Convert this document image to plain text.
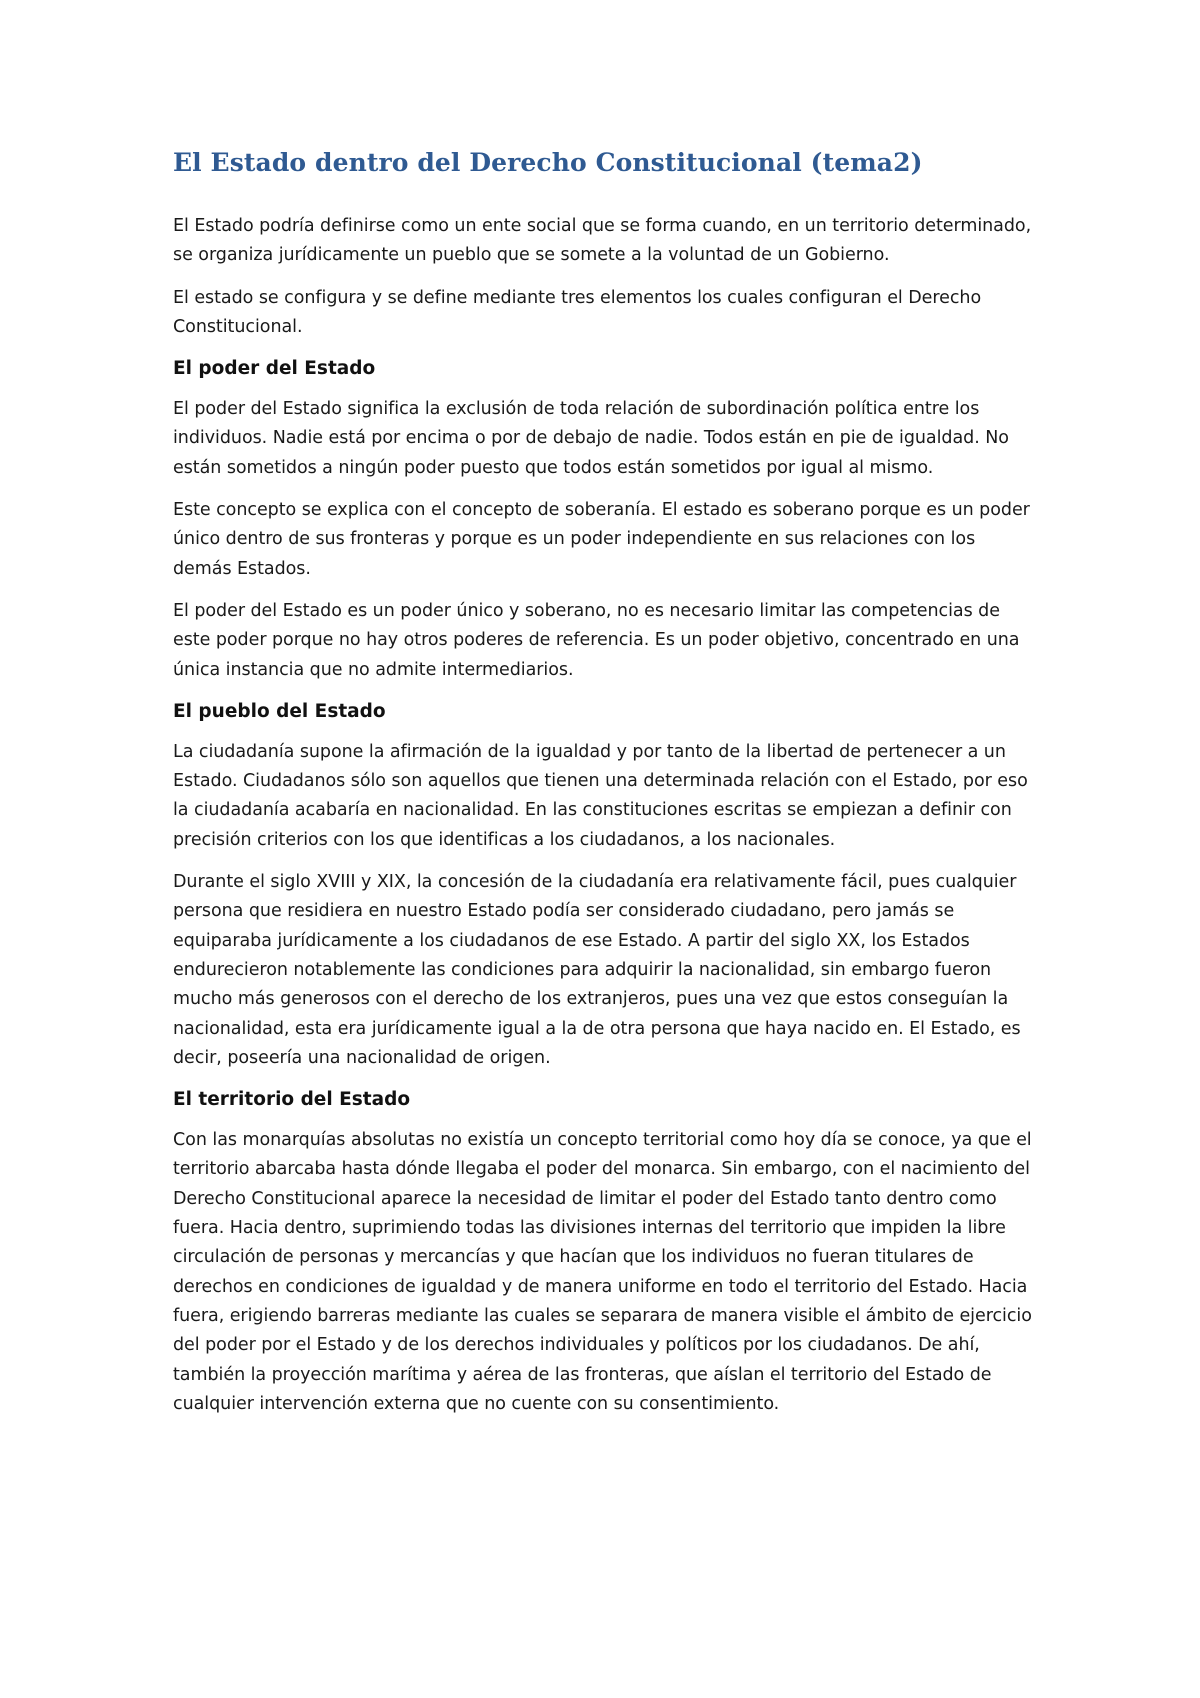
El Estado dentro del Derecho Constitucional (tema2)

El Estado podría definirse como un ente social que se forma cuando, en un territorio determinado, se organiza jurídicamente un pueblo que se somete a la voluntad de un Gobierno.

El estado se configura y se define mediante tres elementos los cuales configuran el Derecho Constitucional.

El poder del Estado

El poder del Estado significa la exclusión de toda relación de subordinación política entre los individuos. Nadie está por encima o por de debajo de nadie. Todos están en pie de igualdad. No están sometidos a ningún poder puesto que todos están sometidos por igual al mismo.

Este concepto se explica con el concepto de soberanía. El estado es soberano porque es un poder único dentro de sus fronteras y porque es un poder independiente en sus relaciones con los demás Estados.

El poder del Estado es un poder único y soberano, no es necesario limitar las competencias de este poder porque no hay otros poderes de referencia. Es un poder objetivo, concentrado en una única instancia que no admite intermediarios.

El pueblo del Estado

La ciudadanía supone la afirmación de la igualdad y por tanto de la libertad de pertenecer a un Estado. Ciudadanos sólo son aquellos que tienen una determinada relación con el Estado, por eso la ciudadanía acabaría en nacionalidad. En las constituciones escritas se empiezan a definir con precisión criterios con los que identificas a los ciudadanos, a los nacionales.

Durante el siglo XVIII y XIX, la concesión de la ciudadanía era relativamente fácil, pues cualquier persona que residiera en nuestro Estado podía ser considerado ciudadano, pero jamás se equiparaba jurídicamente a los ciudadanos de ese Estado. A partir del siglo XX, los Estados endurecieron notablemente las condiciones para adquirir la nacionalidad, sin embargo fueron mucho más generosos con el derecho de los extranjeros, pues una vez que estos conseguían la nacionalidad, esta era jurídicamente igual a la de otra persona que haya nacido en. El Estado, es decir, poseería una nacionalidad de origen.

El territorio del Estado

Con las monarquías absolutas no existía un concepto territorial como hoy día se conoce, ya que el territorio abarcaba hasta dónde llegaba el poder del monarca. Sin embargo, con el nacimiento del Derecho Constitucional aparece la necesidad de limitar el poder del Estado tanto dentro como fuera. Hacia dentro, suprimiendo todas las divisiones internas del territorio que impiden la libre circulación de personas y mercancías y que hacían que los individuos no fueran titulares de derechos en condiciones de igualdad y de manera uniforme en todo el territorio del Estado. Hacia fuera, erigiendo barreras mediante las cuales se separara de manera visible el ámbito de ejercicio del poder por el Estado y de los derechos individuales y políticos por los ciudadanos. De ahí, también la proyección marítima y aérea de las fronteras, que aíslan el territorio del Estado de cualquier intervención externa que no cuente con su consentimiento.
